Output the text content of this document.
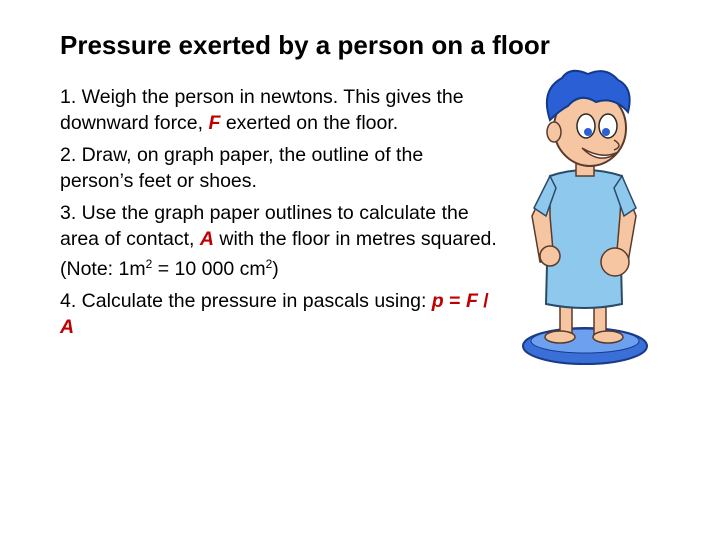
Pressure exerted by a person on a floor
1. Weigh the person in newtons. This gives the downward force, F exerted on the floor.
2. Draw, on graph paper, the outline of the person’s feet or shoes.
3. Use the graph paper outlines to calculate the area of contact, A with the floor in metres squared.
(Note: $1m^2 = 10$ 000 $cm^2$)
4. Calculate the pressure in pascals using: p = F / A
